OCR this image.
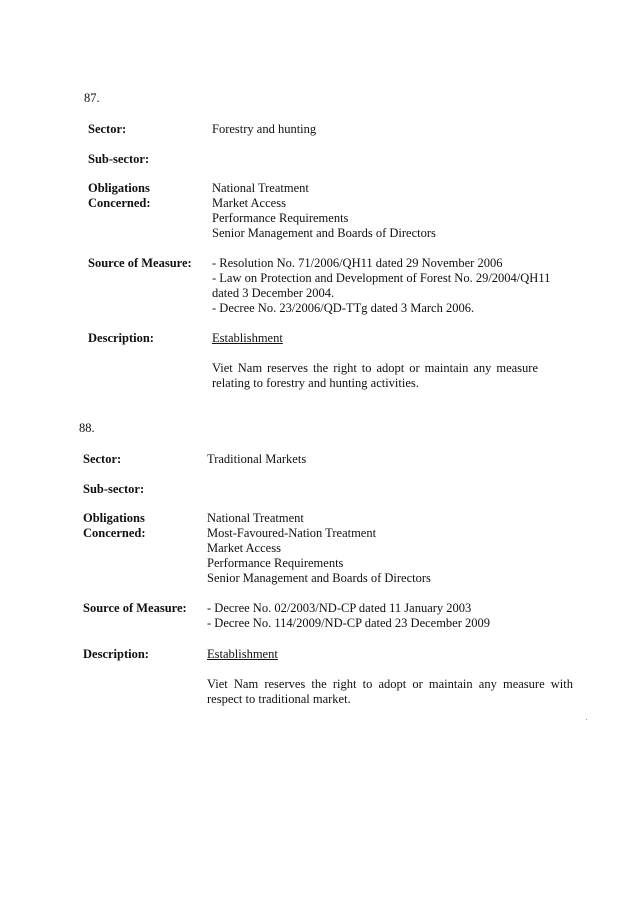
87.
Sector:	Forestry and hunting
Sub-sector:
Obligations
Concerned:
National Treatment
Market Access
Performance Requirements
Senior Management and Boards of Directors
Source of Measure: - Resolution No. 71/2006/QH11 dated 29 November 2006
- Law on Protection and Development of Forest No. 29/2004/QH11
dated 3 December 2004.
- Decree No. 23/2006/QD-TTg dated 3 March 2006.
Description:	Establishment
Viet Nam reserves the right to adopt or maintain any measure relating to forestry and hunting activities.
88.
Sector:	Traditional Markets
Sub-sector:
Obligations
Concerned:
National Treatment
Most-Favoured-Nation Treatment
Market Access
Performance Requirements
Senior Management and Boards of Directors
Source of Measure: - Decree No. 02/2003/ND-CP dated 11 January 2003
- Decree No. 114/2009/ND-CP dated 23 December 2009
Description:	Establishment
Viet Nam reserves the right to adopt or maintain any measure with respect to traditional market.
